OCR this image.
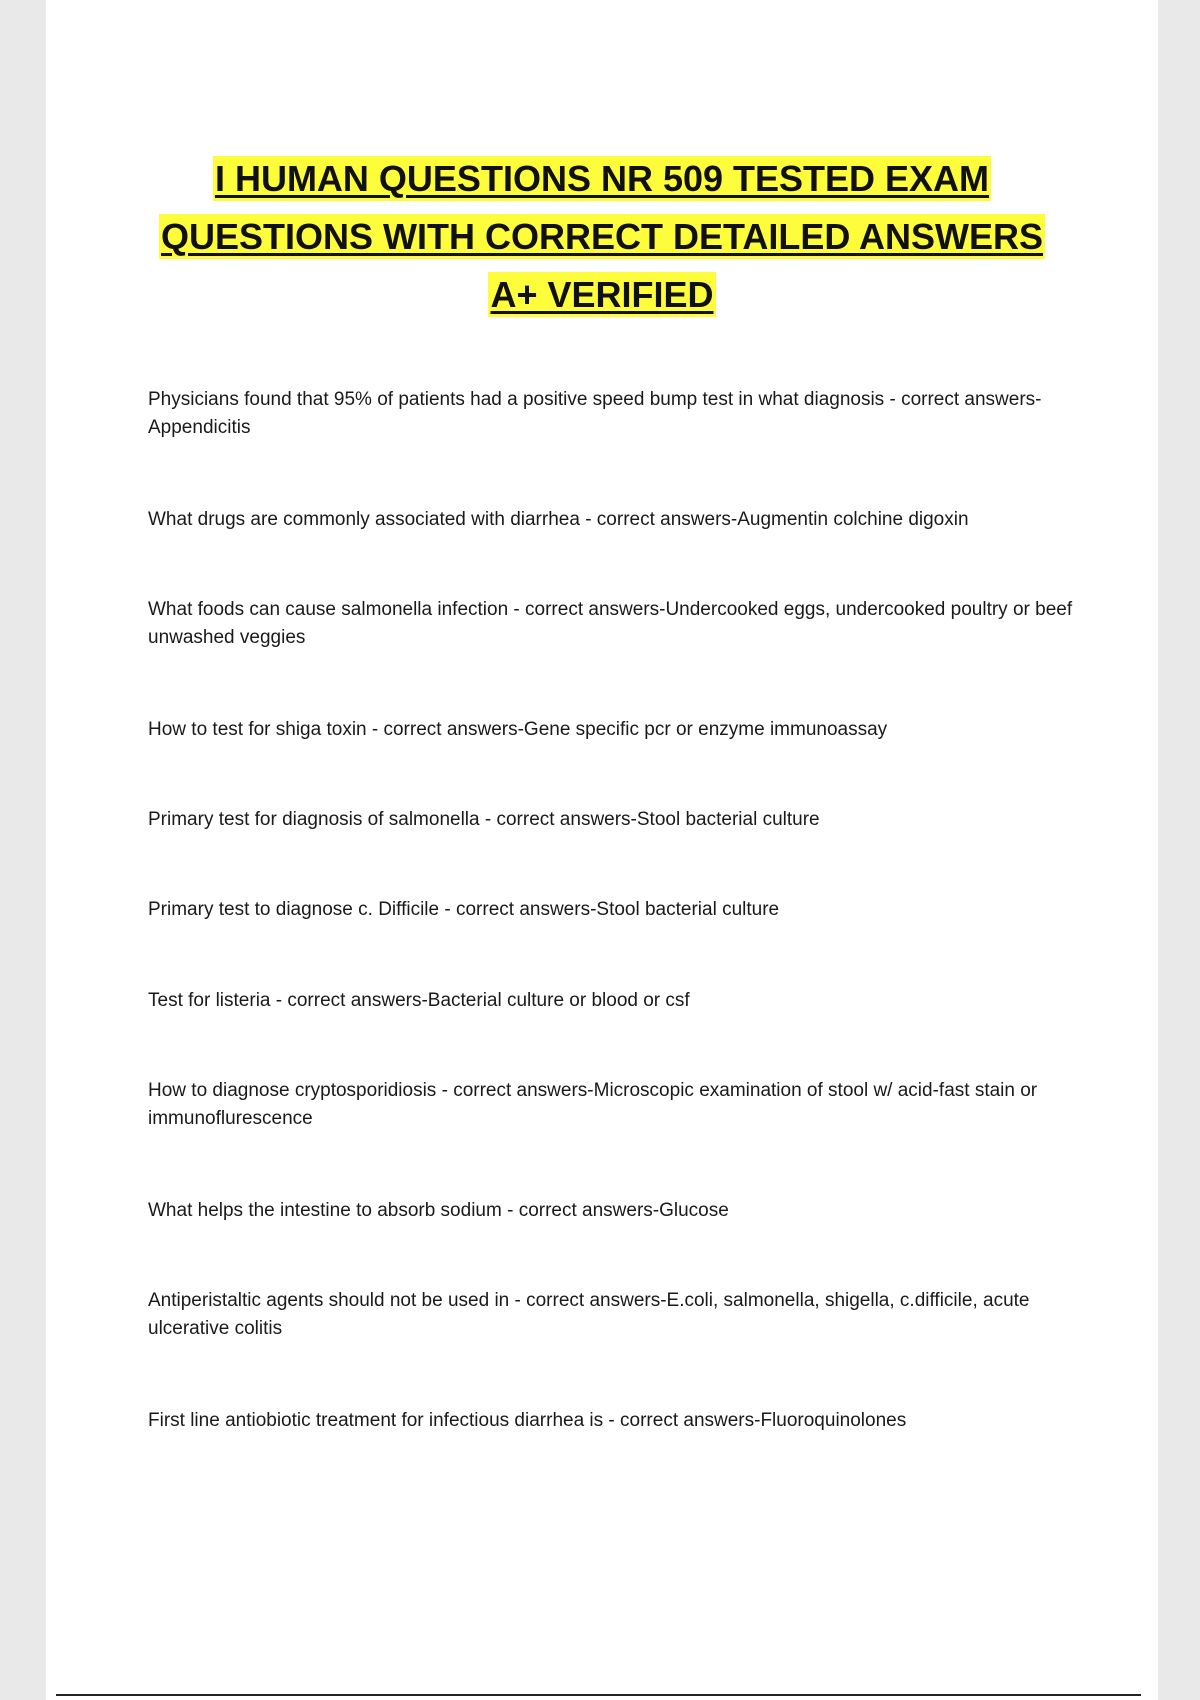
I HUMAN QUESTIONS NR 509 TESTED EXAM
QUESTIONS WITH CORRECT DETAILED ANSWERS
A+ VERIFIED
Physicians found that 95% of patients had a positive speed bump test in what diagnosis - correct answers-Appendicitis
What drugs are commonly associated with diarrhea - correct answers-Augmentin colchine digoxin
What foods can cause salmonella infection - correct answers-Undercooked eggs, undercooked poultry or beef unwashed veggies
How to test for shiga toxin - correct answers-Gene specific pcr or enzyme immunoassay
Primary test for diagnosis of salmonella - correct answers-Stool bacterial culture
Primary test to diagnose c. Difficile - correct answers-Stool bacterial culture
Test for listeria - correct answers-Bacterial culture or blood or csf
How to diagnose cryptosporidiosis - correct answers-Microscopic examination of stool w/ acid-fast stain or immunoflurescence
What helps the intestine to absorb sodium - correct answers-Glucose
Antiperistaltic agents should not be used in - correct answers-E.coli, salmonella, shigella, c.difficile, acute ulcerative colitis
First line antiobiotic treatment for infectious diarrhea is - correct answers-Fluoroquinolones
